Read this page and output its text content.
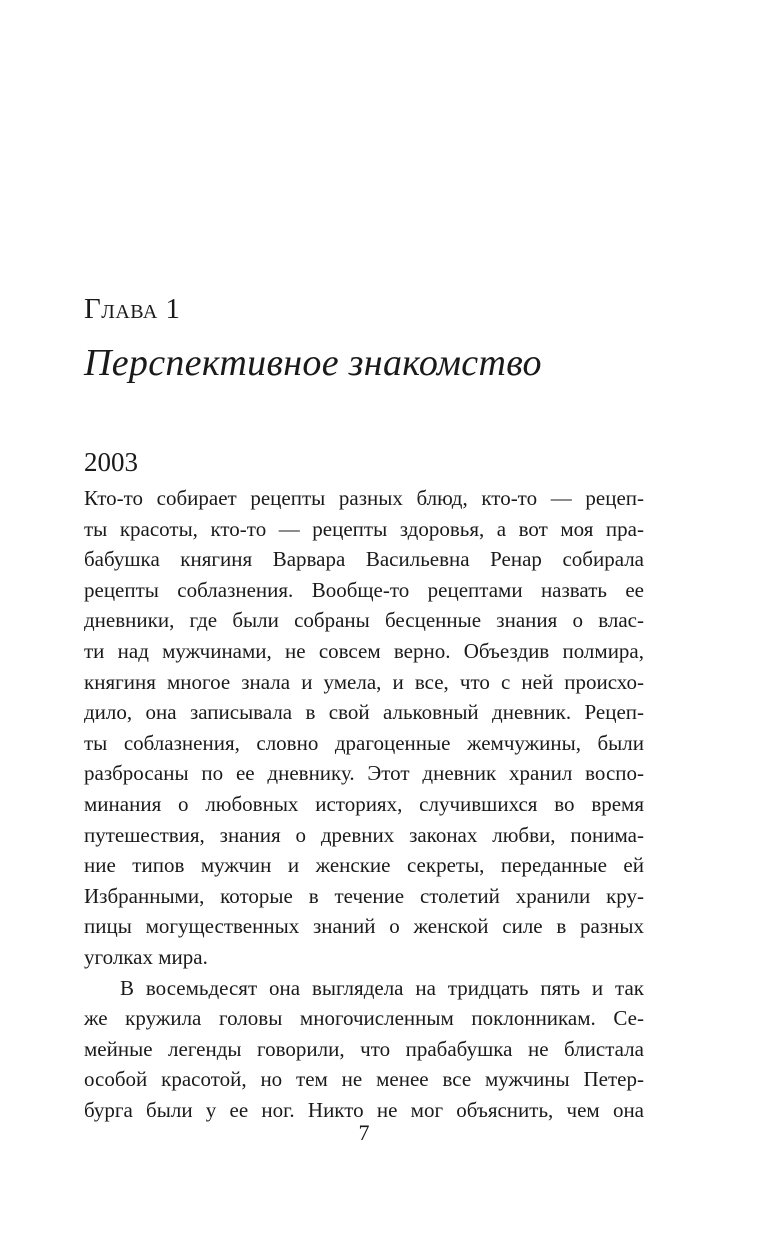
Глава 1
Перспективное знакомство
2003
Кто-то собирает рецепты разных блюд, кто-то — рецеп-
ты красоты, кто-то — рецепты здоровья, а вот моя пра-
бабушка княгиня Варвара Васильевна Ренар собирала
рецепты соблазнения. Вообще-то рецептами назвать ее
дневники, где были собраны бесценные знания о влас-
ти над мужчинами, не совсем верно. Объездив полмира,
княгиня многое знала и умела, и все, что с ней происхо-
дило, она записывала в свой альковный дневник. Рецеп-
ты соблазнения, словно драгоценные жемчужины, были
разбросаны по ее дневнику. Этот дневник хранил воспо-
минания о любовных историях, случившихся во время
путешествия, знания о древних законах любви, понима-
ние типов мужчин и женские секреты, переданные ей
Избранными, которые в течение столетий хранили кру-
пицы могущественных знаний о женской силе в разных
уголках мира.
В восемьдесят она выглядела на тридцать пять и так
же кружила головы многочисленным поклонникам. Се-
мейные легенды говорили, что прабабушка не блистала
особой красотой, но тем не менее все мужчины Петер-
бурга были у ее ног. Никто не мог объяснить, чем она
7
